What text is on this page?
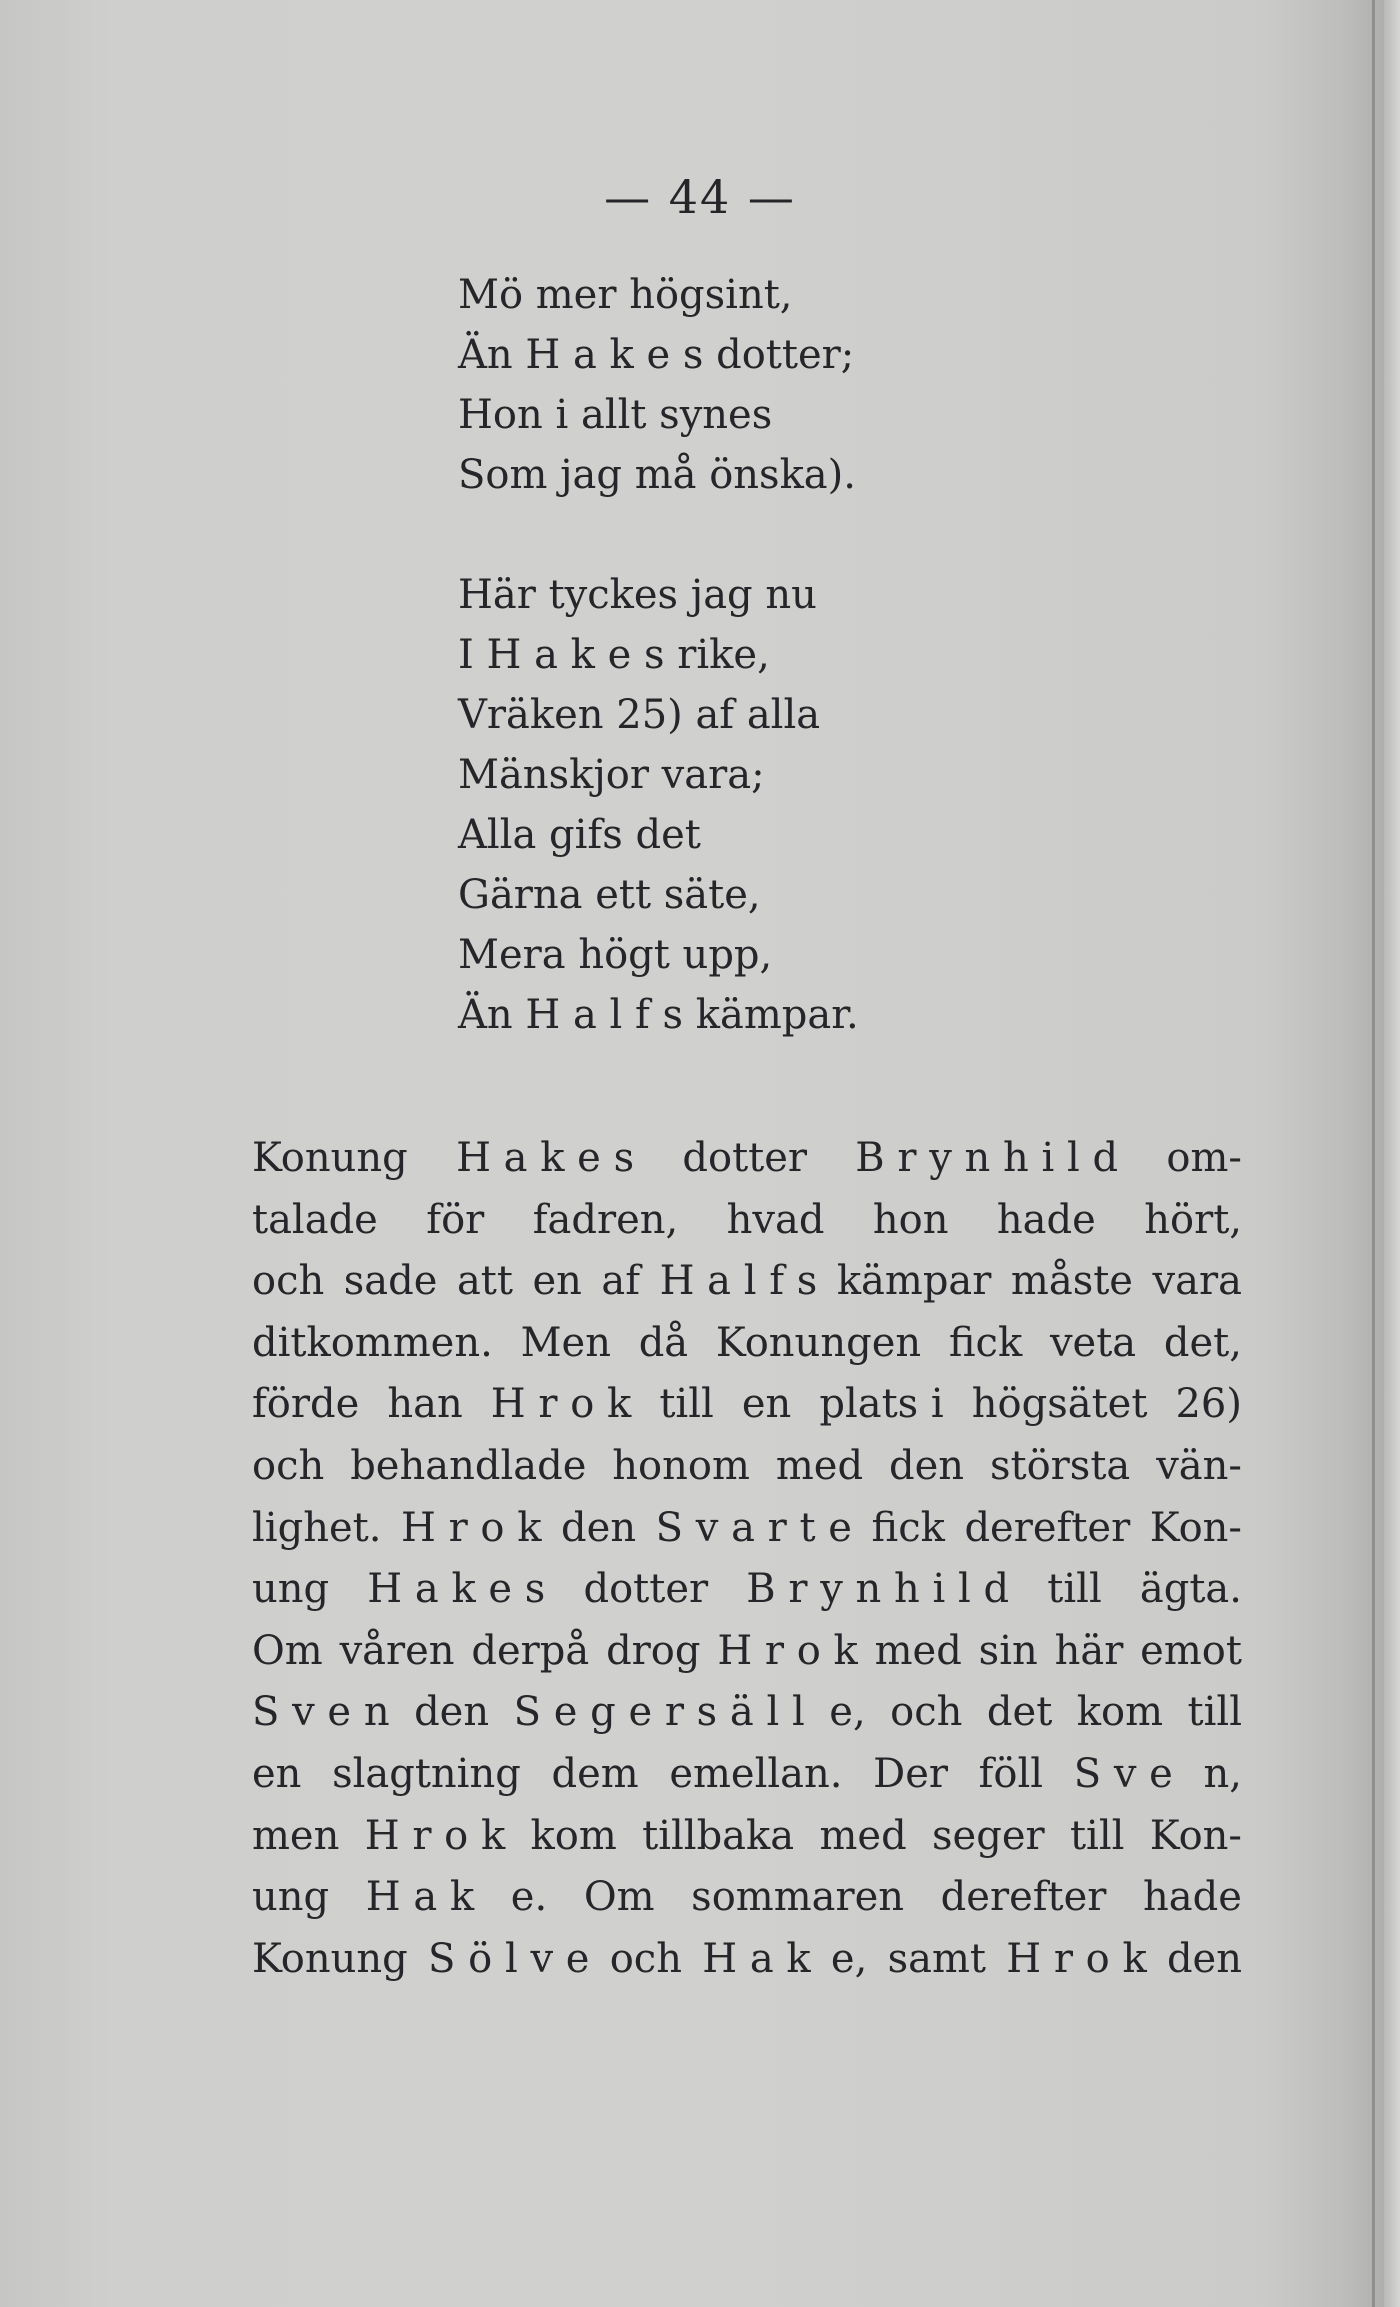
— 44 —
Mö mer högsint,
Än H a k e s dotter;
Hon i allt synes
Som jag må önska).
Här tyckes jag nu
I H a k e s rike,
Vräken 25) af alla
Mänskjor vara;
Alla gifs det
Gärna ett säte,
Mera högt upp,
Än H a l f s kämpar.
Konung H a k e s dotter B r y n h i l d om-
talade för fadren, hvad hon hade hört,
och sade att en af H a l f s kämpar måste vara
ditkommen. Men då Konungen fick veta det,
förde han H r o k till en plats i högsätet 26)
och behandlade honom med den största vän-
lighet. H r o k den S v a r t e fick derefter Kon-
ung H a k e s dotter B r y n h i l d till ägta.
Om våren derpå drog H r o k med sin här emot
S v e n den S e g e r s ä l l e, och det kom till
en slagtning dem emellan. Der föll S v e n,
men H r o k kom tillbaka med seger till Kon-
ung H a k e. Om sommaren derefter hade
Konung S ö l v e och H a k e, samt H r o k den
